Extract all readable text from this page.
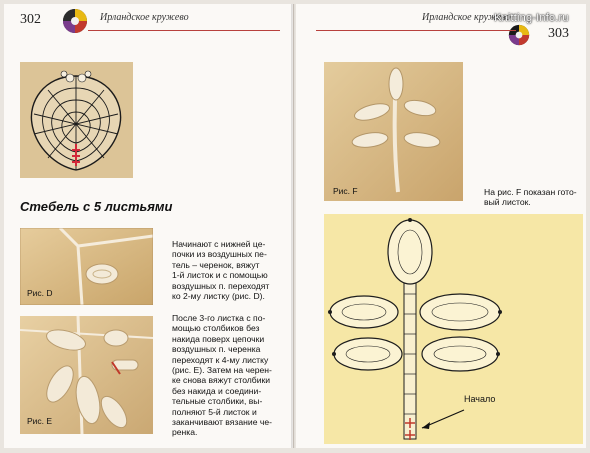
302	Ирландское кружево
Стебель с 5 листьями
Рис. D
Рис. E
Начинают с нижней це-
почки из воздушных пе-
тель – черенок, вяжут
1-й листок и с помощью
воздушных п. переходят
ко 2-му листку (рис. D).
После 3-го листка с по-
мощью столбиков без
накида поверх цепочки
воздушных п. черенка
переходят к 4-му листку
(рис. E). Затем на черен-
ке снова вяжут столбики
без накида и соедини-
тельные столбики, вы-
полняют 5-й листок и
заканчивают вязание че-
ренка.
Ирландское кружево
Knitting-Info.ru
303
Рис. F	На рис. F показан гото-
вый листок.
Начало
